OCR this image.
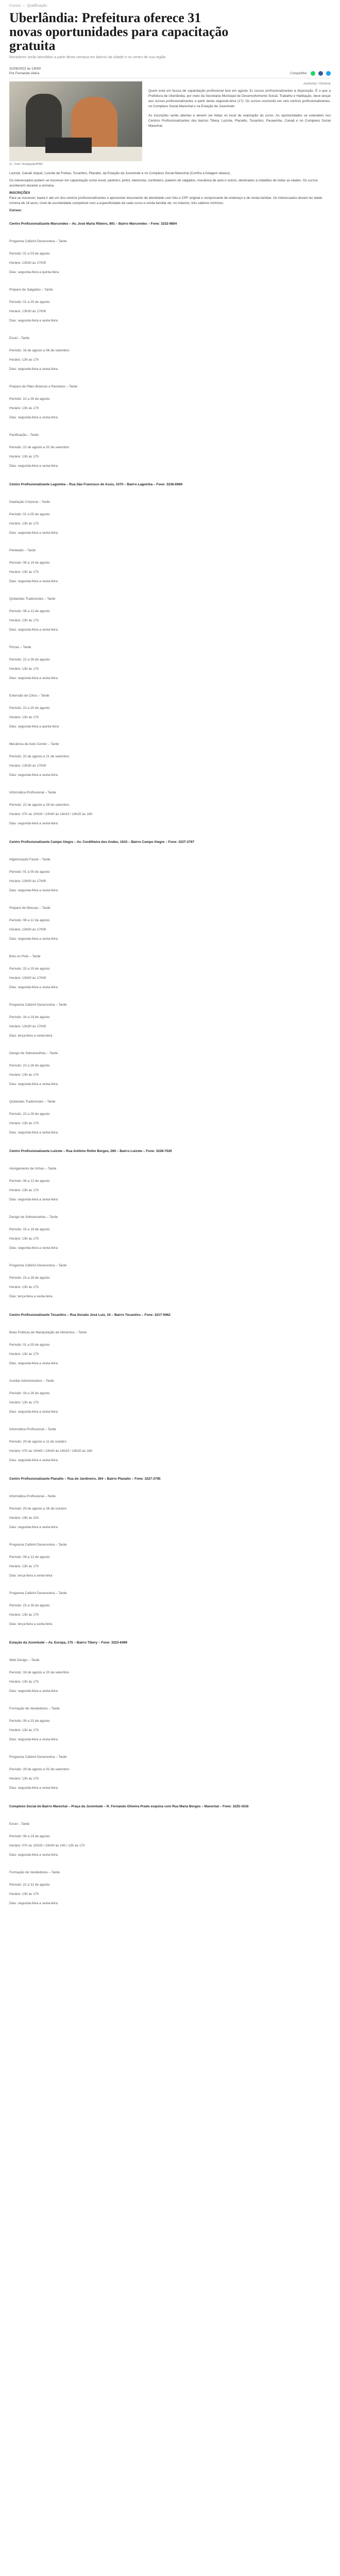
Cursos › Qualificação
Uberlândia: Prefeitura oferece 31 novas oportunidades para capacitação gratuita
Moradores serão atendidos a partir desta semana em bairros da cidade e no centro de sua região
31/08/2022 às 13h00
Por Fernanda Vieira	Compartilhe:
(!) - Foto: Divulgação/PMU
Aumentar / Diminuir

Quem está em busca de capacitação profissional terá em agosto 31 cursos profissionalizantes à disposição. É o que a Prefeitura de Uberlândia, por meio da Secretaria Municipal de Desenvolvimento Social, Trabalho e Habitação, deve lançar aos cursos profissionalizantes a partir desta segunda-feira (17). Os cursos ocorrerão em seis centros profissionalizantes, no Complexo Social Marechal e na Estação de Juventude.

As inscrições serão abertas e devem ser feitas no local de realização do curso. As oportunidades se estendem nos Centros Profissionalizantes dos bairros Tibery, Luizote, Planalto, Tocantins, Pacaembu, Canaã e no Complexo Social Marechal.

Luizote, Canaã Jóquei, Luizote de Freitas, Tocantins, Planalto, da Estação da Juventude e no Complexo Social Marechal (Confira a listagem abaixo).

Os interessados podem se inscrever em capacitação como excel, pedreiro, pintor, eletricista, confeiteiro, padeiro de salgados, mecânica de auto e outros, destinados a cidadãos de todas as idades. Os cursos acontecem durante a semana.

INSCRIÇÕES

Para se inscrever, basta ir até um dos centros profissionalizantes e apresentar documento de identidade com foto e CPF original e comprovante de endereço e de renda familiar. Os interessados devem ter idade mínima de 16 anos, nível de escolaridade compatível com a especificidade de cada curso e renda familiar de, no máximo, três salários mínimos.

Cursos:

Centro Profissionalizante Marcondes – Av. José Maria Ribeiro, 891 – Bairro Marcondes – Fone: 3232-9804
Programa CaféArt Desenvolva – Tarde
Período: 01 a 03 de agosto
Horário: 13h30 às 17h00
Dias: segunda-feira a quinta-feira
Preparo de Salgados – Tarde
Período: 01 a 25 de agosto
Horário: 13h30 às 17h00
Dias: segunda-feira a sexta-feira
Excel – Tarde
Período: 16 de agosto a 06 de setembro
Horário: 13h às 17h
Dias: segunda-feira a sexta-feira
Preparo de Pães Brancos e Recheios – Tarde
Período: 22 a 26 de agosto
Horário: 13h às 17h
Dias: segunda-feira a sexta-feira
Panificação – Tarde
Período: 22 de agosto a 02 de setembro
Horário: 13h às 17h
Dias: segunda-feira a sexta-feira
Centro Profissionalizante Lagoinha – Rua São Francisco de Assis, 1070 – Bairro Lagoinha – Fone: 3236-6969
Depilação Corporal – Tarde
Período: 01 a 05 de agosto
Horário: 13h às 17h
Dias: segunda-feira a sexta-feira
Penteado – Tarde
Período: 08 a 19 de agosto
Horário: 13h às 17h
Dias: segunda-feira a sexta-feira
Quitandas Tradicionais – Tarde
Período: 08 a 12 de agosto
Horário: 13h às 17h
Dias: segunda-feira a sexta-feira
Pizzas – Tarde
Período: 22 a 26 de agosto
Horário: 13h às 17h
Dias: segunda-feira a sexta-feira
Extensão de Cílios – Tarde
Período: 22 a 25 de agosto
Horário: 13h às 17h
Dias: segunda-feira a quinta-feira
Mecânica de Auto Center – Tarde
Período: 22 de agosto a 21 de setembro
Horário: 13h30 às 17h00
Dias: segunda-feira a sexta-feira
Informática Profissional – Tarde
Período: 22 de agosto a 29 de setembro
Horário: 07h às 10h30 / 10h40 às 14h10 / 14h20 às 18h
Dias: segunda-feira a sexta-feira
Centro Profissionalizante Campo Alegre – Av. Cordilheira dos Andes, 1615 – Bairro Campo Alegre – Fone: 3227-2767
Higienização Facial – Tarde
Período: 01 a 05 de agosto
Horário: 13h00 às 17h00
Dias: segunda-feira a sexta-feira
Preparo de Massas – Tarde
Período: 08 a 12 de agosto
Horário: 13h00 às 17h00
Dias: segunda-feira a sexta-feira
Bolo no Pote – Tarde
Período: 15 a 19 de agosto
Horário: 13h00 às 17h00
Dias: segunda-feira a sexta-feira
Programa CaféArt Desenvolva – Tarde
Período: 16 a 19 de agosto
Horário: 13h30 às 17h00
Dias: terça-feira a sexta-feira
Design de Sobrancelhas – Tarde
Período: 22 a 26 de agosto
Horário: 13h às 17h
Dias: segunda-feira a sexta-feira
Quitandas Tradicionais – Tarde
Período: 22 a 26 de agosto
Horário: 13h às 17h
Dias: segunda-feira a sexta-feira
Centro Profissionalizante Luizote – Rua Antônio Rolim Borges, 260 – Bairro Luizote – Fone: 3228-7020
Alongamento de Unhas – Tarde
Período: 08 a 12 de agosto
Horário: 13h às 17h
Dias: segunda-feira a sexta-feira
Design de Sobrancelhas – Tarde
Período: 15 a 19 de agosto
Horário: 13h às 17h
Dias: segunda-feira a sexta-feira
Programa CaféArt Desenvolva – Tarde
Período: 23 a 26 de agosto
Horário: 13h às 17h
Dias: terça-feira a sexta-feira
Centro Profissionalizante Tocantins – Rua Dorado José Luiz, 10 – Bairro Tocantins – Fone: 3217-9462
Boas Práticas de Manipulação de Alimentos – Tarde
Período: 01 a 05 de agosto
Horário: 13h às 17h
Dias: segunda-feira a sexta-feira
Auxiliar Administrativo – Tarde
Período: 16 a 26 de agosto
Horário: 13h às 17h
Dias: segunda-feira a sexta-feira
Informática Profissional – Tarde
Período: 29 de agosto a 11 de outubro
Horário: 07h às 10h40 / 10h40 às 14h20 / 14h20 às 18h
Dias: segunda-feira a sexta-feira
Centro Profissionalizante Planalto – Rua do Jardineiro, 364 – Bairro Planalto – Fone: 3227-2795
Informática Profissional – Noite
Período: 29 de agosto a 26 de outubro
Horário: 19h às 22h
Dias: segunda-feira a sexta-feira
Programa CaféArt Desenvolva – Tarde
Período: 09 a 12 de agosto
Horário: 13h às 17h
Dias: terça-feira a sexta-feira
Programa CaféArt Desenvolva – Tarde
Período: 23 a 26 de agosto
Horário: 13h às 17h
Dias: terça-feira a sexta-feira
Estação da Juventude – Av. Europa, 175 – Bairro Tibery – Fone: 3223-6499
Web Design – Tarde
Período: 16 de agosto a 20 de setembro
Horário: 13h às 17h
Dias: segunda-feira a sexta-feira
Formação de Vendedores – Tarde
Período: 09 a 23 de agosto
Horário: 13h às 17h
Dias: segunda-feira a sexta-feira
Programa CaféArt Desenvolva – Tarde
Período: 29 de agosto a 02 de setembro
Horário: 13h às 17h
Dias: segunda-feira a sexta-feira
Complexo Social do Bairro Marechal – Praça da Juventude – R. Fernando Oliveira Prado esquina com Rua Maria Borges – Marechal – Fone: 3225-1616
Excel – Tarde
Período: 08 a 19 de agosto
Horário: 07h às 10h30 / 10h40 às 14h / 13h às 17h
Dias: segunda-feira a sexta-feira
Formação de Vendedores – Tarde
Período: 22 a 31 de agosto
Horário: 13h às 17h
Dias: segunda-feira a sexta-feira
